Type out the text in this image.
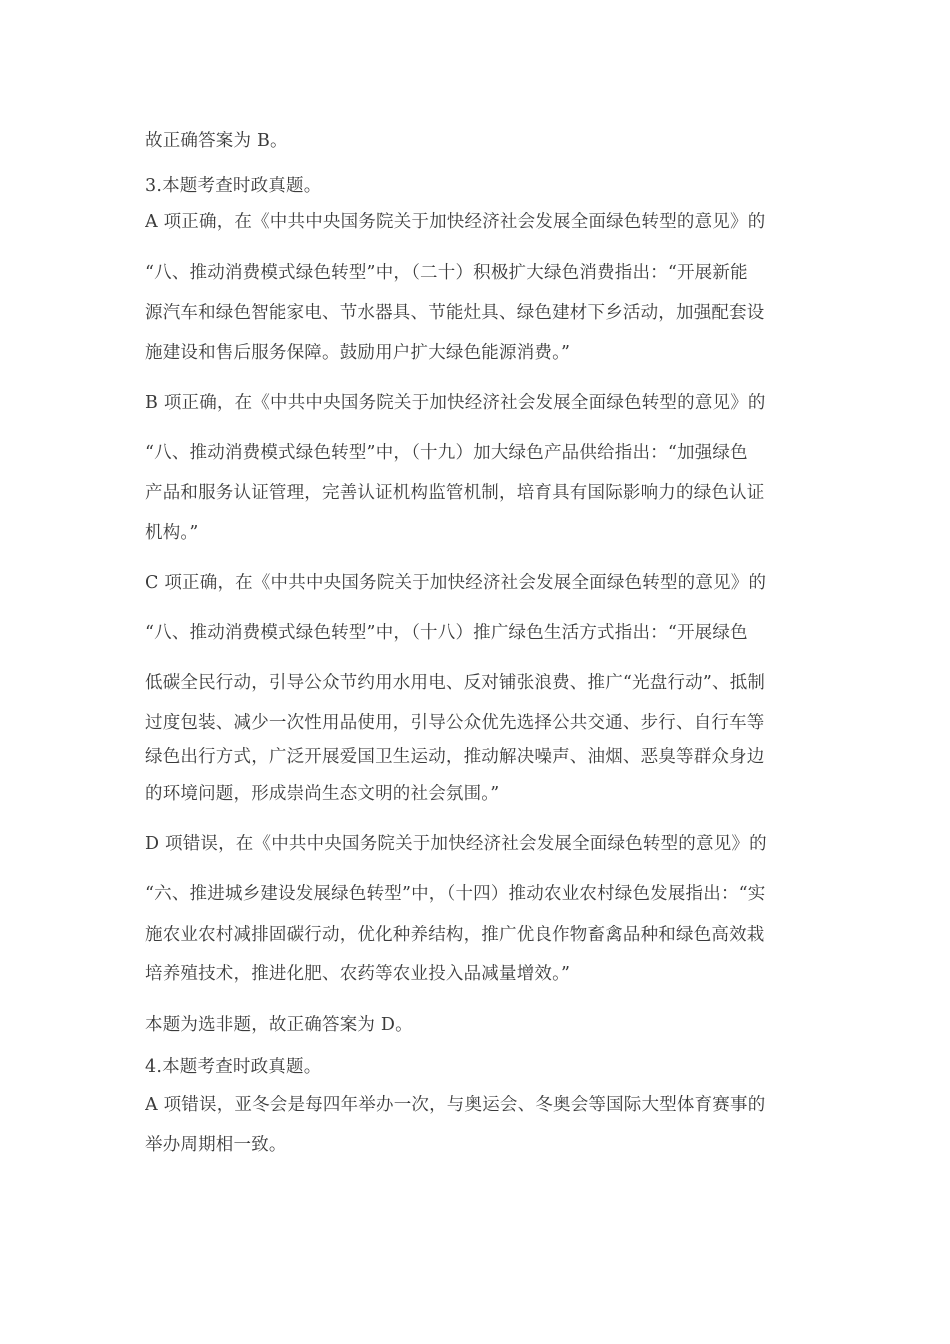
故正确答案为 B。
3.本题考查时政真题。
A 项正确，在《中共中央国务院关于加快经济社会发展全面绿色转型的意见》的
“八、推动消费模式绿色转型”中，（二十）积极扩大绿色消费指出：“开展新能
源汽车和绿色智能家电、节水器具、节能灶具、绿色建材下乡活动，加强配套设
施建设和售后服务保障。鼓励用户扩大绿色能源消费。”
B 项正确，在《中共中央国务院关于加快经济社会发展全面绿色转型的意见》的
“八、推动消费模式绿色转型”中，（十九）加大绿色产品供给指出：“加强绿色
产品和服务认证管理，完善认证机构监管机制，培育具有国际影响力的绿色认证
机构。”
C 项正确，在《中共中央国务院关于加快经济社会发展全面绿色转型的意见》的
“八、推动消费模式绿色转型”中，（十八）推广绿色生活方式指出：“开展绿色
低碳全民行动，引导公众节约用水用电、反对铺张浪费、推广“光盘行动”、抵制
过度包装、减少一次性用品使用，引导公众优先选择公共交通、步行、自行车等
绿色出行方式，广泛开展爱国卫生运动，推动解决噪声、油烟、恶臭等群众身边
的环境问题，形成崇尚生态文明的社会氛围。”
D 项错误，在《中共中央国务院关于加快经济社会发展全面绿色转型的意见》的
“六、推进城乡建设发展绿色转型”中，（十四）推动农业农村绿色发展指出：“实
施农业农村减排固碳行动，优化种养结构，推广优良作物畜禽品种和绿色高效栽
培养殖技术，推进化肥、农药等农业投入品减量增效。”
本题为选非题，故正确答案为 D。
4.本题考查时政真题。
A 项错误，亚冬会是每四年举办一次，与奥运会、冬奥会等国际大型体育赛事的
举办周期相一致。
